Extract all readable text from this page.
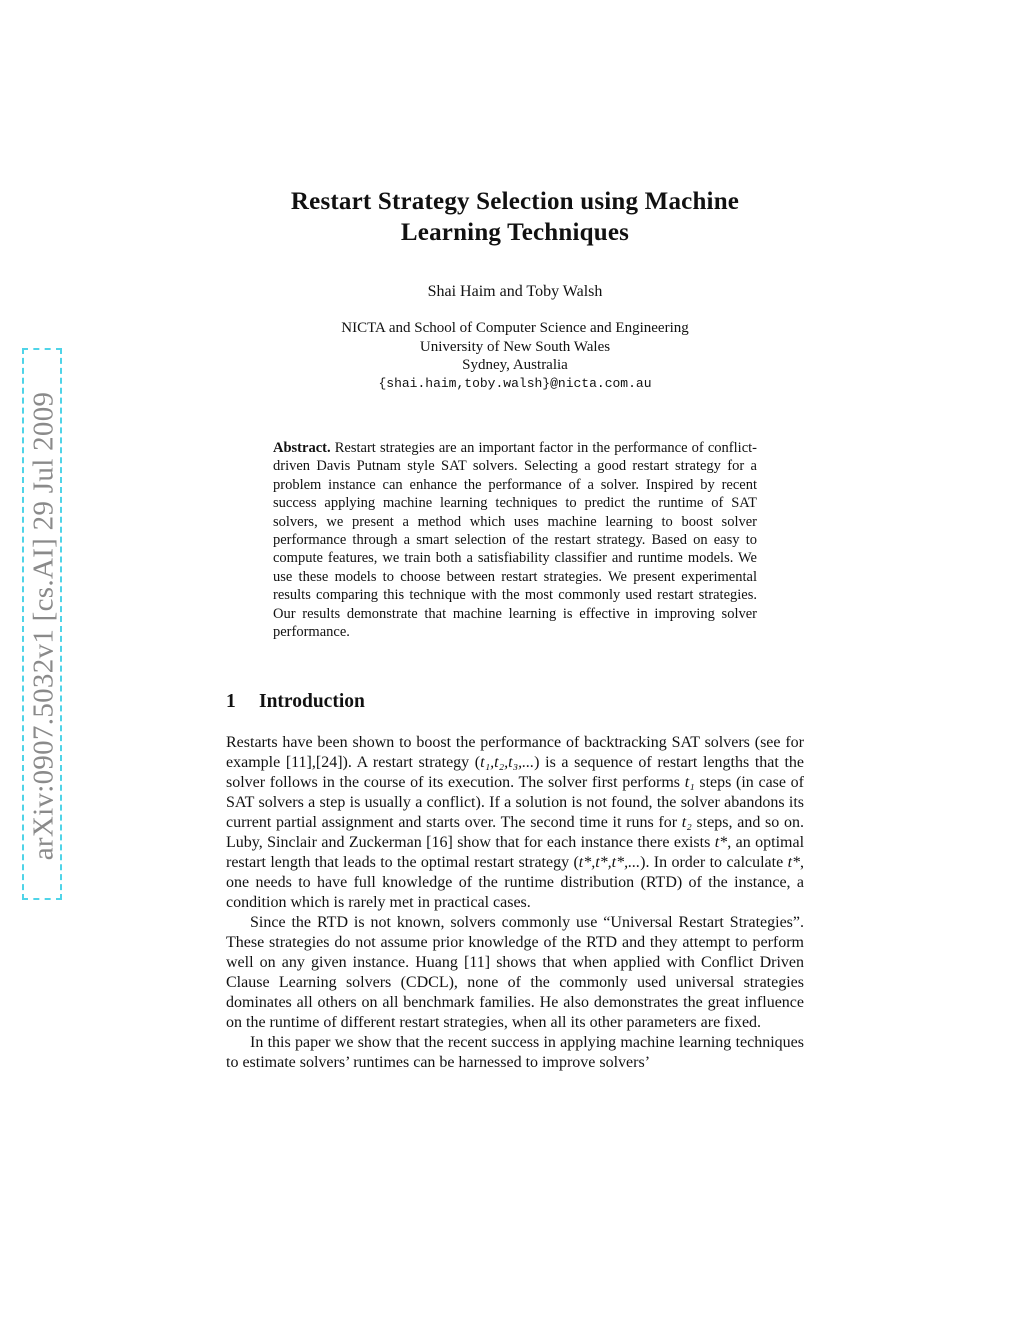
arXiv:0907.5032v1 [cs.AI] 29 Jul 2009
Restart Strategy Selection using Machine
Learning Techniques
Shai Haim and Toby Walsh
NICTA and School of Computer Science and Engineering
University of New South Wales
Sydney, Australia
{shai.haim,toby.walsh}@nicta.com.au
Abstract. Restart strategies are an important factor in the performance of conflict-driven Davis Putnam style SAT solvers. Selecting a good restart strategy for a problem instance can enhance the performance of a solver. Inspired by recent success applying machine learning techniques to predict the runtime of SAT solvers, we present a method which uses machine learning to boost solver performance through a smart selection of the restart strategy. Based on easy to compute features, we train both a satisfiability classifier and runtime models. We use these models to choose between restart strategies. We present experimental results comparing this technique with the most commonly used restart strategies. Our results demonstrate that machine learning is effective in improving solver performance.
1 Introduction

Restarts have been shown to boost the performance of backtracking SAT solvers (see for example [11],[24]). A restart strategy (t₁,t₂,t₃,...) is a sequence of restart lengths that the solver follows in the course of its execution. The solver first performs t₁ steps (in case of SAT solvers a step is usually a conflict). If a solution is not found, the solver abandons its current partial assignment and starts over. The second time it runs for t₂ steps, and so on. Luby, Sinclair and Zuckerman [16] show that for each instance there exists t*, an optimal restart length that leads to the optimal restart strategy (t*,t*,t*,...). In order to calculate t*, one needs to have full knowledge of the runtime distribution (RTD) of the instance, a condition which is rarely met in practical cases.

Since the RTD is not known, solvers commonly use “Universal Restart Strategies”. These strategies do not assume prior knowledge of the RTD and they attempt to perform well on any given instance. Huang [11] shows that when applied with Conflict Driven Clause Learning solvers (CDCL), none of the commonly used universal strategies dominates all others on all benchmark families. He also demonstrates the great influence on the runtime of different restart strategies, when all its other parameters are fixed.

In this paper we show that the recent success in applying machine learning techniques to estimate solvers’ runtimes can be harnessed to improve solvers’
